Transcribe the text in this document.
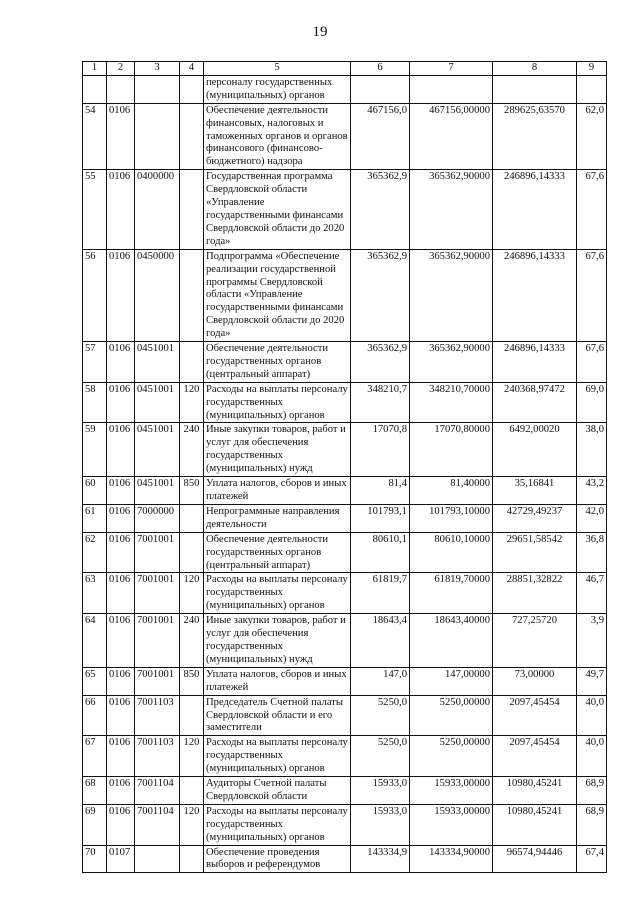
19
1	2	3	4	5	6	7	8	9
				персоналу государственных (муниципальных) органов				
54	0106			Обеспечение деятельности финансовых, налоговых и таможенных органов и органов финансового (финансово-бюджетного) надзора	467156,0	467156,00000	289625,63570	62,0
55	0106	0400000		Государственная программа Свердловской области «Управление государственными финансами Свердловской области до 2020 года»	365362,9	365362,90000	246896,14333	67,6
56	0106	0450000		Подпрограмма «Обеспечение реализации государственной программы Свердловской области «Управление государственными финансами Свердловской области до 2020 года»	365362,9	365362,90000	246896,14333	67,6
57	0106	0451001		Обеспечение деятельности государственных органов (центральный аппарат)	365362,9	365362,90000	246896,14333	67,6
58	0106	0451001	120	Расходы на выплаты персоналу государственных (муниципальных) органов	348210,7	348210,70000	240368,97472	69,0
59	0106	0451001	240	Иные закупки товаров, работ и услуг для обеспечения государственных (муниципальных) нужд	17070,8	17070,80000	6492,00020	38,0
60	0106	0451001	850	Уплата налогов, сборов и иных платежей	81,4	81,40000	35,16841	43,2
61	0106	7000000		Непрограммные направления деятельности	101793,1	101793,10000	42729,49237	42,0
62	0106	7001001		Обеспечение деятельности государственных органов (центральный аппарат)	80610,1	80610,10000	29651,58542	36,8
63	0106	7001001	120	Расходы на выплаты персоналу государственных (муниципальных) органов	61819,7	61819,70000	28851,32822	46,7
64	0106	7001001	240	Иные закупки товаров, работ и услуг для обеспечения государственных (муниципальных) нужд	18643,4	18643,40000	727,25720	3,9
65	0106	7001001	850	Уплата налогов, сборов и иных платежей	147,0	147,00000	73,00000	49,7
66	0106	7001103		Председатель Счетной палаты Свердловской области и его заместители	5250,0	5250,00000	2097,45454	40,0
67	0106	7001103	120	Расходы на выплаты персоналу государственных (муниципальных) органов	5250,0	5250,00000	2097,45454	40,0
68	0106	7001104		Аудиторы Счетной палаты Свердловской области	15933,0	15933,00000	10980,45241	68,9
69	0106	7001104	120	Расходы на выплаты персоналу государственных (муниципальных) органов	15933,0	15933,00000	10980,45241	68,9
70	0107			Обеспечение проведения выборов и референдумов	143334,9	143334,90000	96574,94446	67,4
